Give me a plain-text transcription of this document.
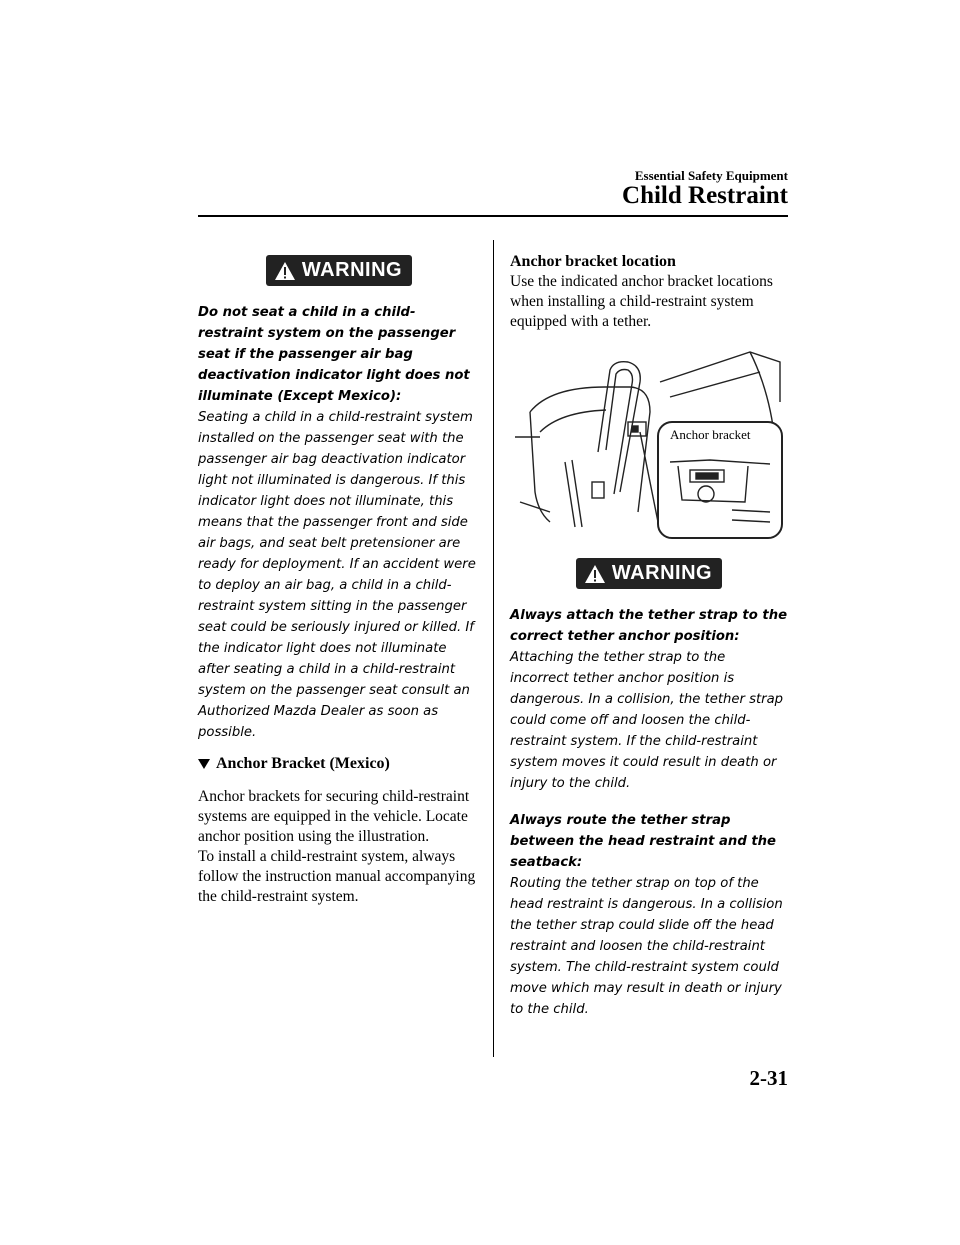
Essential Safety Equipment
Child Restraint
WARNING
Do not seat a child in a child-restraint system on the passenger seat if the passenger air bag deactivation indicator light does not illuminate (Except Mexico):
Seating a child in a child-restraint system installed on the passenger seat with the passenger air bag deactivation indicator light not illuminated is dangerous. If this indicator light does not illuminate, this means that the passenger front and side air bags, and seat belt pretensioner are ready for deployment. If an accident were to deploy an air bag, a child in a child-restraint system sitting in the passenger seat could be seriously injured or killed. If the indicator light does not illuminate after seating a child in a child-restraint system on the passenger seat consult an Authorized Mazda Dealer as soon as possible.
Anchor Bracket (Mexico)
Anchor brackets for securing child-restraint systems are equipped in the vehicle. Locate anchor position using the illustration.
To install a child-restraint system, always follow the instruction manual accompanying the child-restraint system.
Anchor bracket location
Use the indicated anchor bracket locations when installing a child-restraint system equipped with a tether.
Anchor bracket
WARNING
Always attach the tether strap to the correct tether anchor position:
Attaching the tether strap to the incorrect tether anchor position is dangerous. In a collision, the tether strap could come off and loosen the child-restraint system. If the child-restraint system moves it could result in death or injury to the child.
Always route the tether strap between the head restraint and the seatback:
Routing the tether strap on top of the head restraint is dangerous. In a collision the tether strap could slide off the head restraint and loosen the child-restraint system. The child-restraint system could move which may result in death or injury to the child.
2-31
